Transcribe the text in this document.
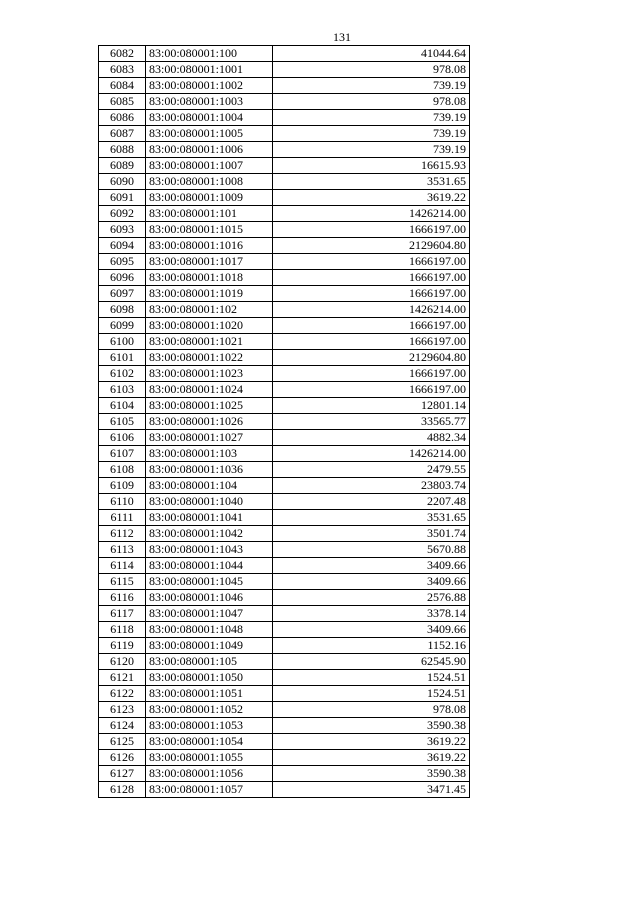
131
6082	83:00:080001:100	41044.64
6083	83:00:080001:1001	978.08
6084	83:00:080001:1002	739.19
6085	83:00:080001:1003	978.08
6086	83:00:080001:1004	739.19
6087	83:00:080001:1005	739.19
6088	83:00:080001:1006	739.19
6089	83:00:080001:1007	16615.93
6090	83:00:080001:1008	3531.65
6091	83:00:080001:1009	3619.22
6092	83:00:080001:101	1426214.00
6093	83:00:080001:1015	1666197.00
6094	83:00:080001:1016	2129604.80
6095	83:00:080001:1017	1666197.00
6096	83:00:080001:1018	1666197.00
6097	83:00:080001:1019	1666197.00
6098	83:00:080001:102	1426214.00
6099	83:00:080001:1020	1666197.00
6100	83:00:080001:1021	1666197.00
6101	83:00:080001:1022	2129604.80
6102	83:00:080001:1023	1666197.00
6103	83:00:080001:1024	1666197.00
6104	83:00:080001:1025	12801.14
6105	83:00:080001:1026	33565.77
6106	83:00:080001:1027	4882.34
6107	83:00:080001:103	1426214.00
6108	83:00:080001:1036	2479.55
6109	83:00:080001:104	23803.74
6110	83:00:080001:1040	2207.48
6111	83:00:080001:1041	3531.65
6112	83:00:080001:1042	3501.74
6113	83:00:080001:1043	5670.88
6114	83:00:080001:1044	3409.66
6115	83:00:080001:1045	3409.66
6116	83:00:080001:1046	2576.88
6117	83:00:080001:1047	3378.14
6118	83:00:080001:1048	3409.66
6119	83:00:080001:1049	1152.16
6120	83:00:080001:105	62545.90
6121	83:00:080001:1050	1524.51
6122	83:00:080001:1051	1524.51
6123	83:00:080001:1052	978.08
6124	83:00:080001:1053	3590.38
6125	83:00:080001:1054	3619.22
6126	83:00:080001:1055	3619.22
6127	83:00:080001:1056	3590.38
6128	83:00:080001:1057	3471.45
